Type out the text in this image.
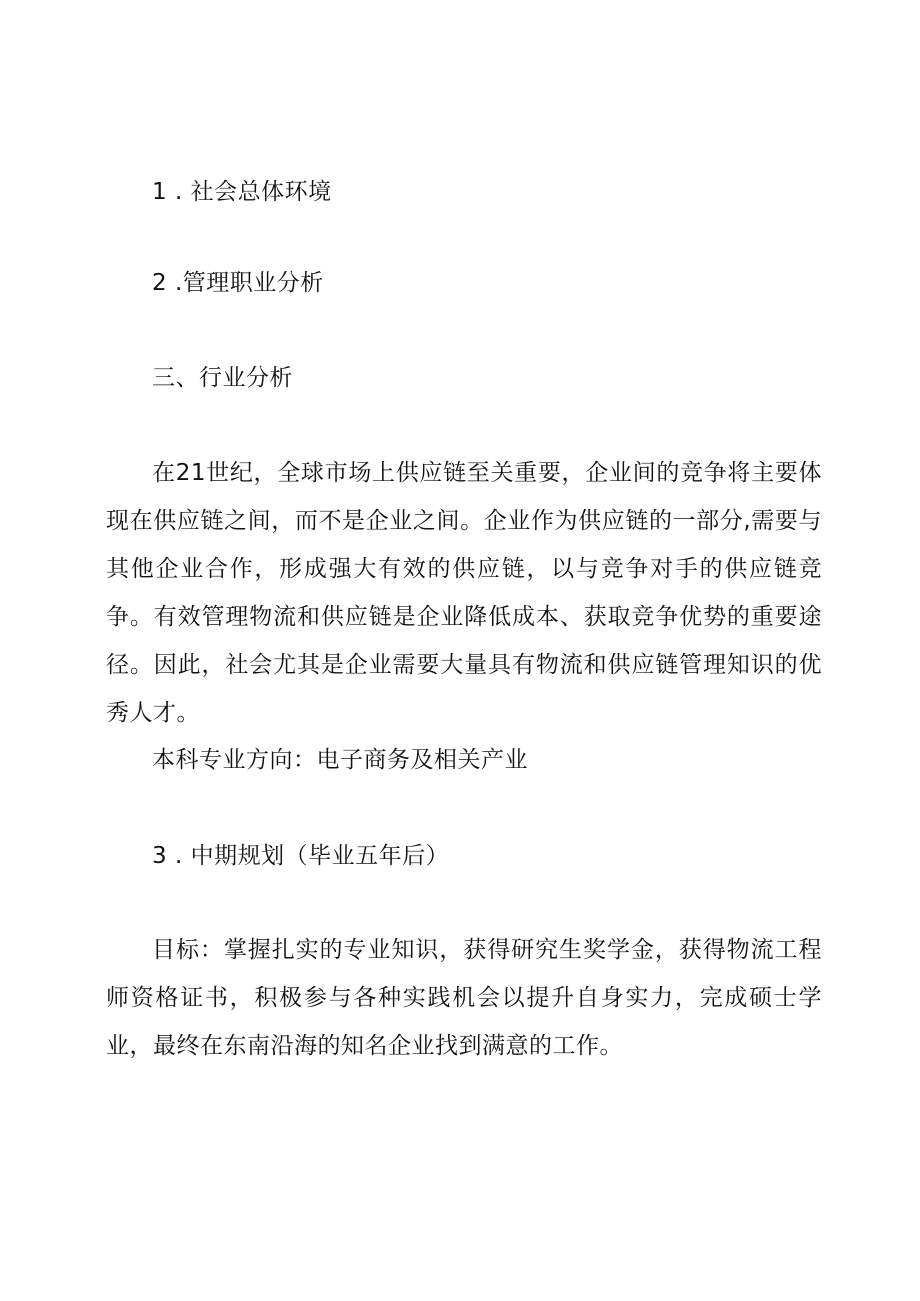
1 . 社会总体环境
2 .管理职业分析
三、行业分析
在21世纪，全球市场上供应链至关重要，企业间的竞争将主要体现在供应链之间，而不是企业之间。企业作为供应链的一部分,需要与其他企业合作，形成强大有效的供应链，以与竞争对手的供应链竞争。有效管理物流和供应链是企业降低成本、获取竞争优势的重要途径。因此，社会尤其是企业需要大量具有物流和供应链管理知识的优秀人才。
本科专业方向：电子商务及相关产业
3 . 中期规划（毕业五年后）
目标：掌握扎实的专业知识，获得研究生奖学金，获得物流工程师资格证书，积极参与各种实践机会以提升自身实力，完成硕士学业，最终在东南沿海的知名企业找到满意的工作。
